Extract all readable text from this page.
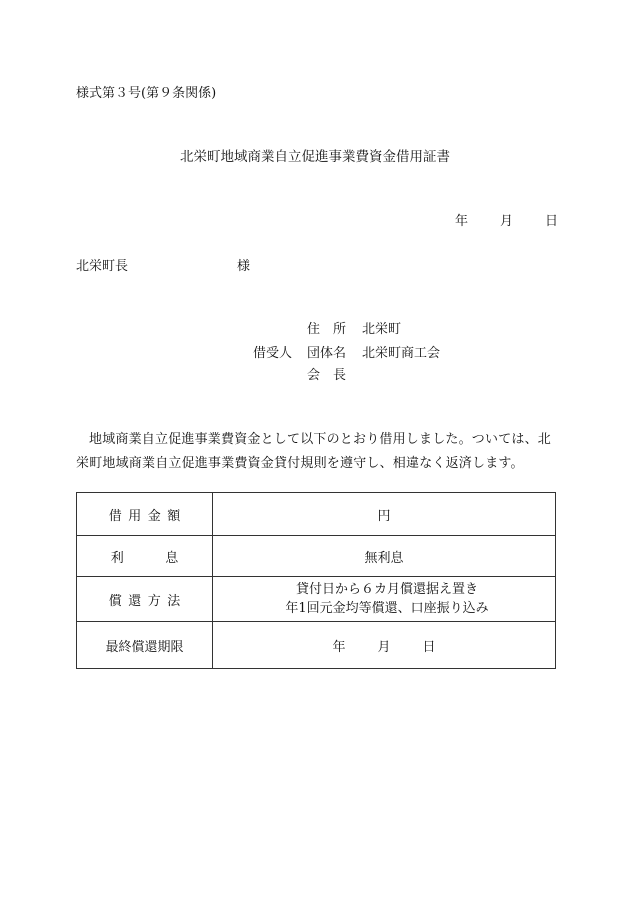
様式第３号(第９条関係)
北栄町地域商業自立促進事業費資金借用証書
年 月 日
北栄町長	様
借受人
住　所 北栄町
団体名 北栄町商工会
会　長
地域商業自立促進事業費資金として以下のとおり借用しました。ついては、北栄町地域商業自立促進事業費資金貸付規則を遵守し、相違なく返済します。
借用金額	円
利息	無利息
償還方法	貸付日から６カ月償還据え置き
年1回元金均等償還、口座振り込み

最終償還期限	年 月 日
